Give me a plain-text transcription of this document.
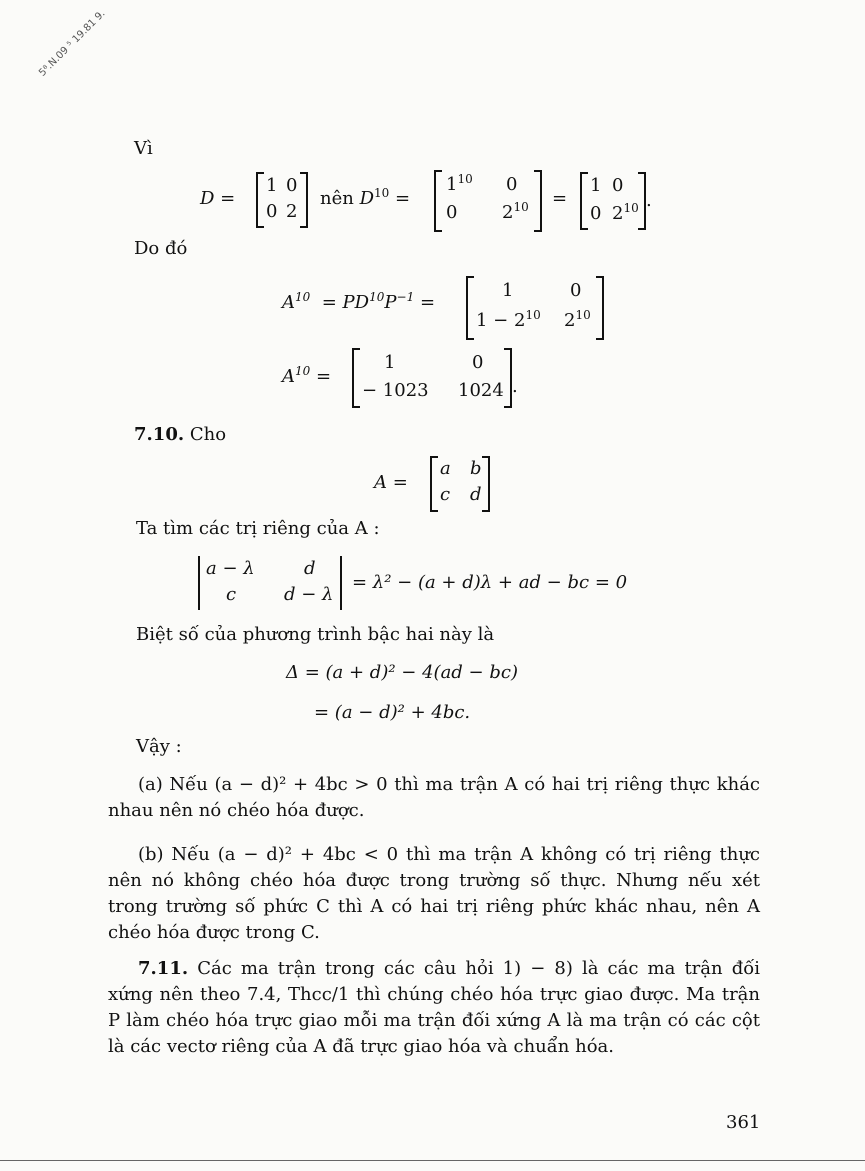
5⁸.N.09 ⁵ 19.81 9.
Vì
D =
1 0
0 2
nên $D^{10}$ =
$1^{10}$ 0
0 $2^{10}$ =
1 0
0 $2^{10}$ .
Do đó
$A^{10} = PD^{10}P^{-1}$ =
1	0
$1 - 2^{10}$ $2^{10}$
$A^{10}$ =
1	0
− 1023 1024 .
7.10. Cho
A =
a b
c d
Ta tìm các trị riêng của A :
a − λ	d
c	d − λ
= λ² − (a + d)λ + ad − bc = 0
Biệt số của phương trình bậc hai này là
Δ = (a + d)² − 4(ad − bc)
= (a − d)² + 4bc.
Vậy :
(a) Nếu (a − d)² + 4bc > 0 thì ma trận A có hai trị riêng thực khác nhau nên nó chéo hóa được.
(b) Nếu (a − d)² + 4bc < 0 thì ma trận A không có trị riêng thực nên nó không chéo hóa được trong trường số thực. Nhưng nếu xét trong trường số phức C thì A có hai trị riêng phức khác nhau, nên A chéo hóa được trong C.
7.11. Các ma trận trong các câu hỏi 1) − 8) là các ma trận đối xứng nên theo 7.4, Thcc/1 thì chúng chéo hóa trực giao được. Ma trận P làm chéo hóa trực giao mỗi ma trận đối xứng A là ma trận có các cột là các vectơ riêng của A đã trực giao hóa và chuẩn hóa.
361
